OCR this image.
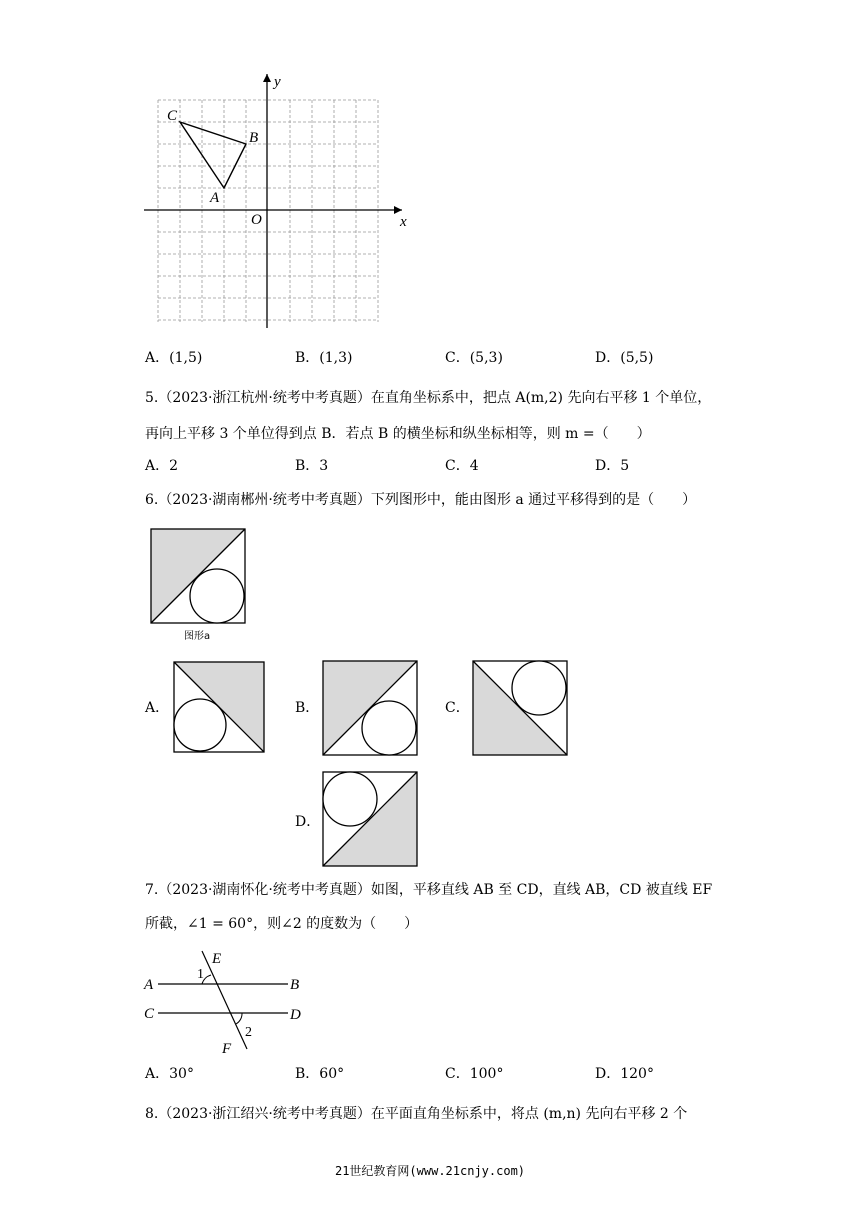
y
x
O
A
B
C
A．(1,5)	B．(1,3)	C．(5,3)	D．(5,5)
5.（2023·浙江杭州·统考中考真题）在直角坐标系中，把点 A(m,2) 先向右平移 1 个单位，
再向上平移 3 个单位得到点 B．若点 B 的横坐标和纵坐标相等，则 m =（　　）
A．2	B．3	C．4	D．5
6.（2023·湖南郴州·统考中考真题）下列图形中，能由图形 a 通过平移得到的是（　　）
图形a
A．	B．	C．
D．
7.（2023·湖南怀化·统考中考真题）如图，平移直线 AB 至 CD，直线 AB，CD 被直线 EF
所截，∠1 = 60°，则∠2 的度数为（　　）
A	B
C	D
E
F
1
2
A．30°	B．60°	C．100°	D．120°
8.（2023·浙江绍兴·统考中考真题）在平面直角坐标系中，将点 (m,n) 先向右平移 2 个
21世纪教育网(www.21cnjy.com)
